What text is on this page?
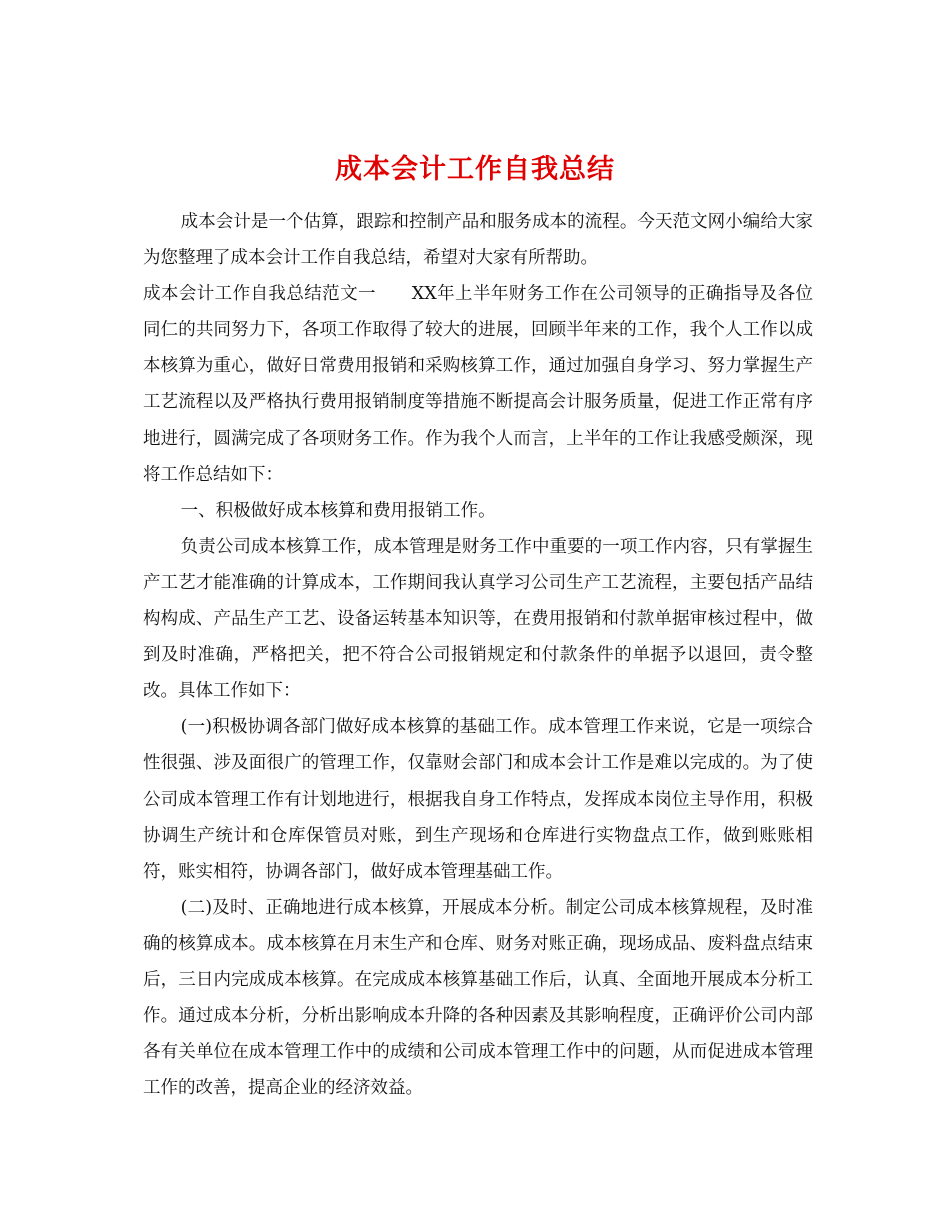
成本会计工作自我总结

成本会计是一个估算，跟踪和控制产品和服务成本的流程。今天范文网小编给大家为您整理了成本会计工作自我总结，希望对大家有所帮助。

成本会计工作自我总结范文一　　XX年上半年财务工作在公司领导的正确指导及各位同仁的共同努力下，各项工作取得了较大的进展，回顾半年来的工作，我个人工作以成本核算为重心，做好日常费用报销和采购核算工作，通过加强自身学习、努力掌握生产工艺流程以及严格执行费用报销制度等措施不断提高会计服务质量，促进工作正常有序地进行，圆满完成了各项财务工作。作为我个人而言，上半年的工作让我感受颇深，现将工作总结如下：

一、积极做好成本核算和费用报销工作。

负责公司成本核算工作，成本管理是财务工作中重要的一项工作内容，只有掌握生产工艺才能准确的计算成本，工作期间我认真学习公司生产工艺流程，主要包括产品结构构成、产品生产工艺、设备运转基本知识等，在费用报销和付款单据审核过程中，做到及时准确，严格把关，把不符合公司报销规定和付款条件的单据予以退回，责令整改。具体工作如下：

(一)积极协调各部门做好成本核算的基础工作。成本管理工作来说，它是一项综合性很强、涉及面很广的管理工作，仅靠财会部门和成本会计工作是难以完成的。为了使公司成本管理工作有计划地进行，根据我自身工作特点，发挥成本岗位主导作用，积极协调生产统计和仓库保管员对账，到生产现场和仓库进行实物盘点工作，做到账账相符，账实相符，协调各部门，做好成本管理基础工作。

(二)及时、正确地进行成本核算，开展成本分析。制定公司成本核算规程，及时准确的核算成本。成本核算在月末生产和仓库、财务对账正确，现场成品、废料盘点结束后，三日内完成成本核算。在完成成本核算基础工作后，认真、全面地开展成本分析工作。通过成本分析，分析出影响成本升降的各种因素及其影响程度，正确评价公司内部各有关单位在成本管理工作中的成绩和公司成本管理工作中的问题，从而促进成本管理工作的改善，提高企业的经济效益。
